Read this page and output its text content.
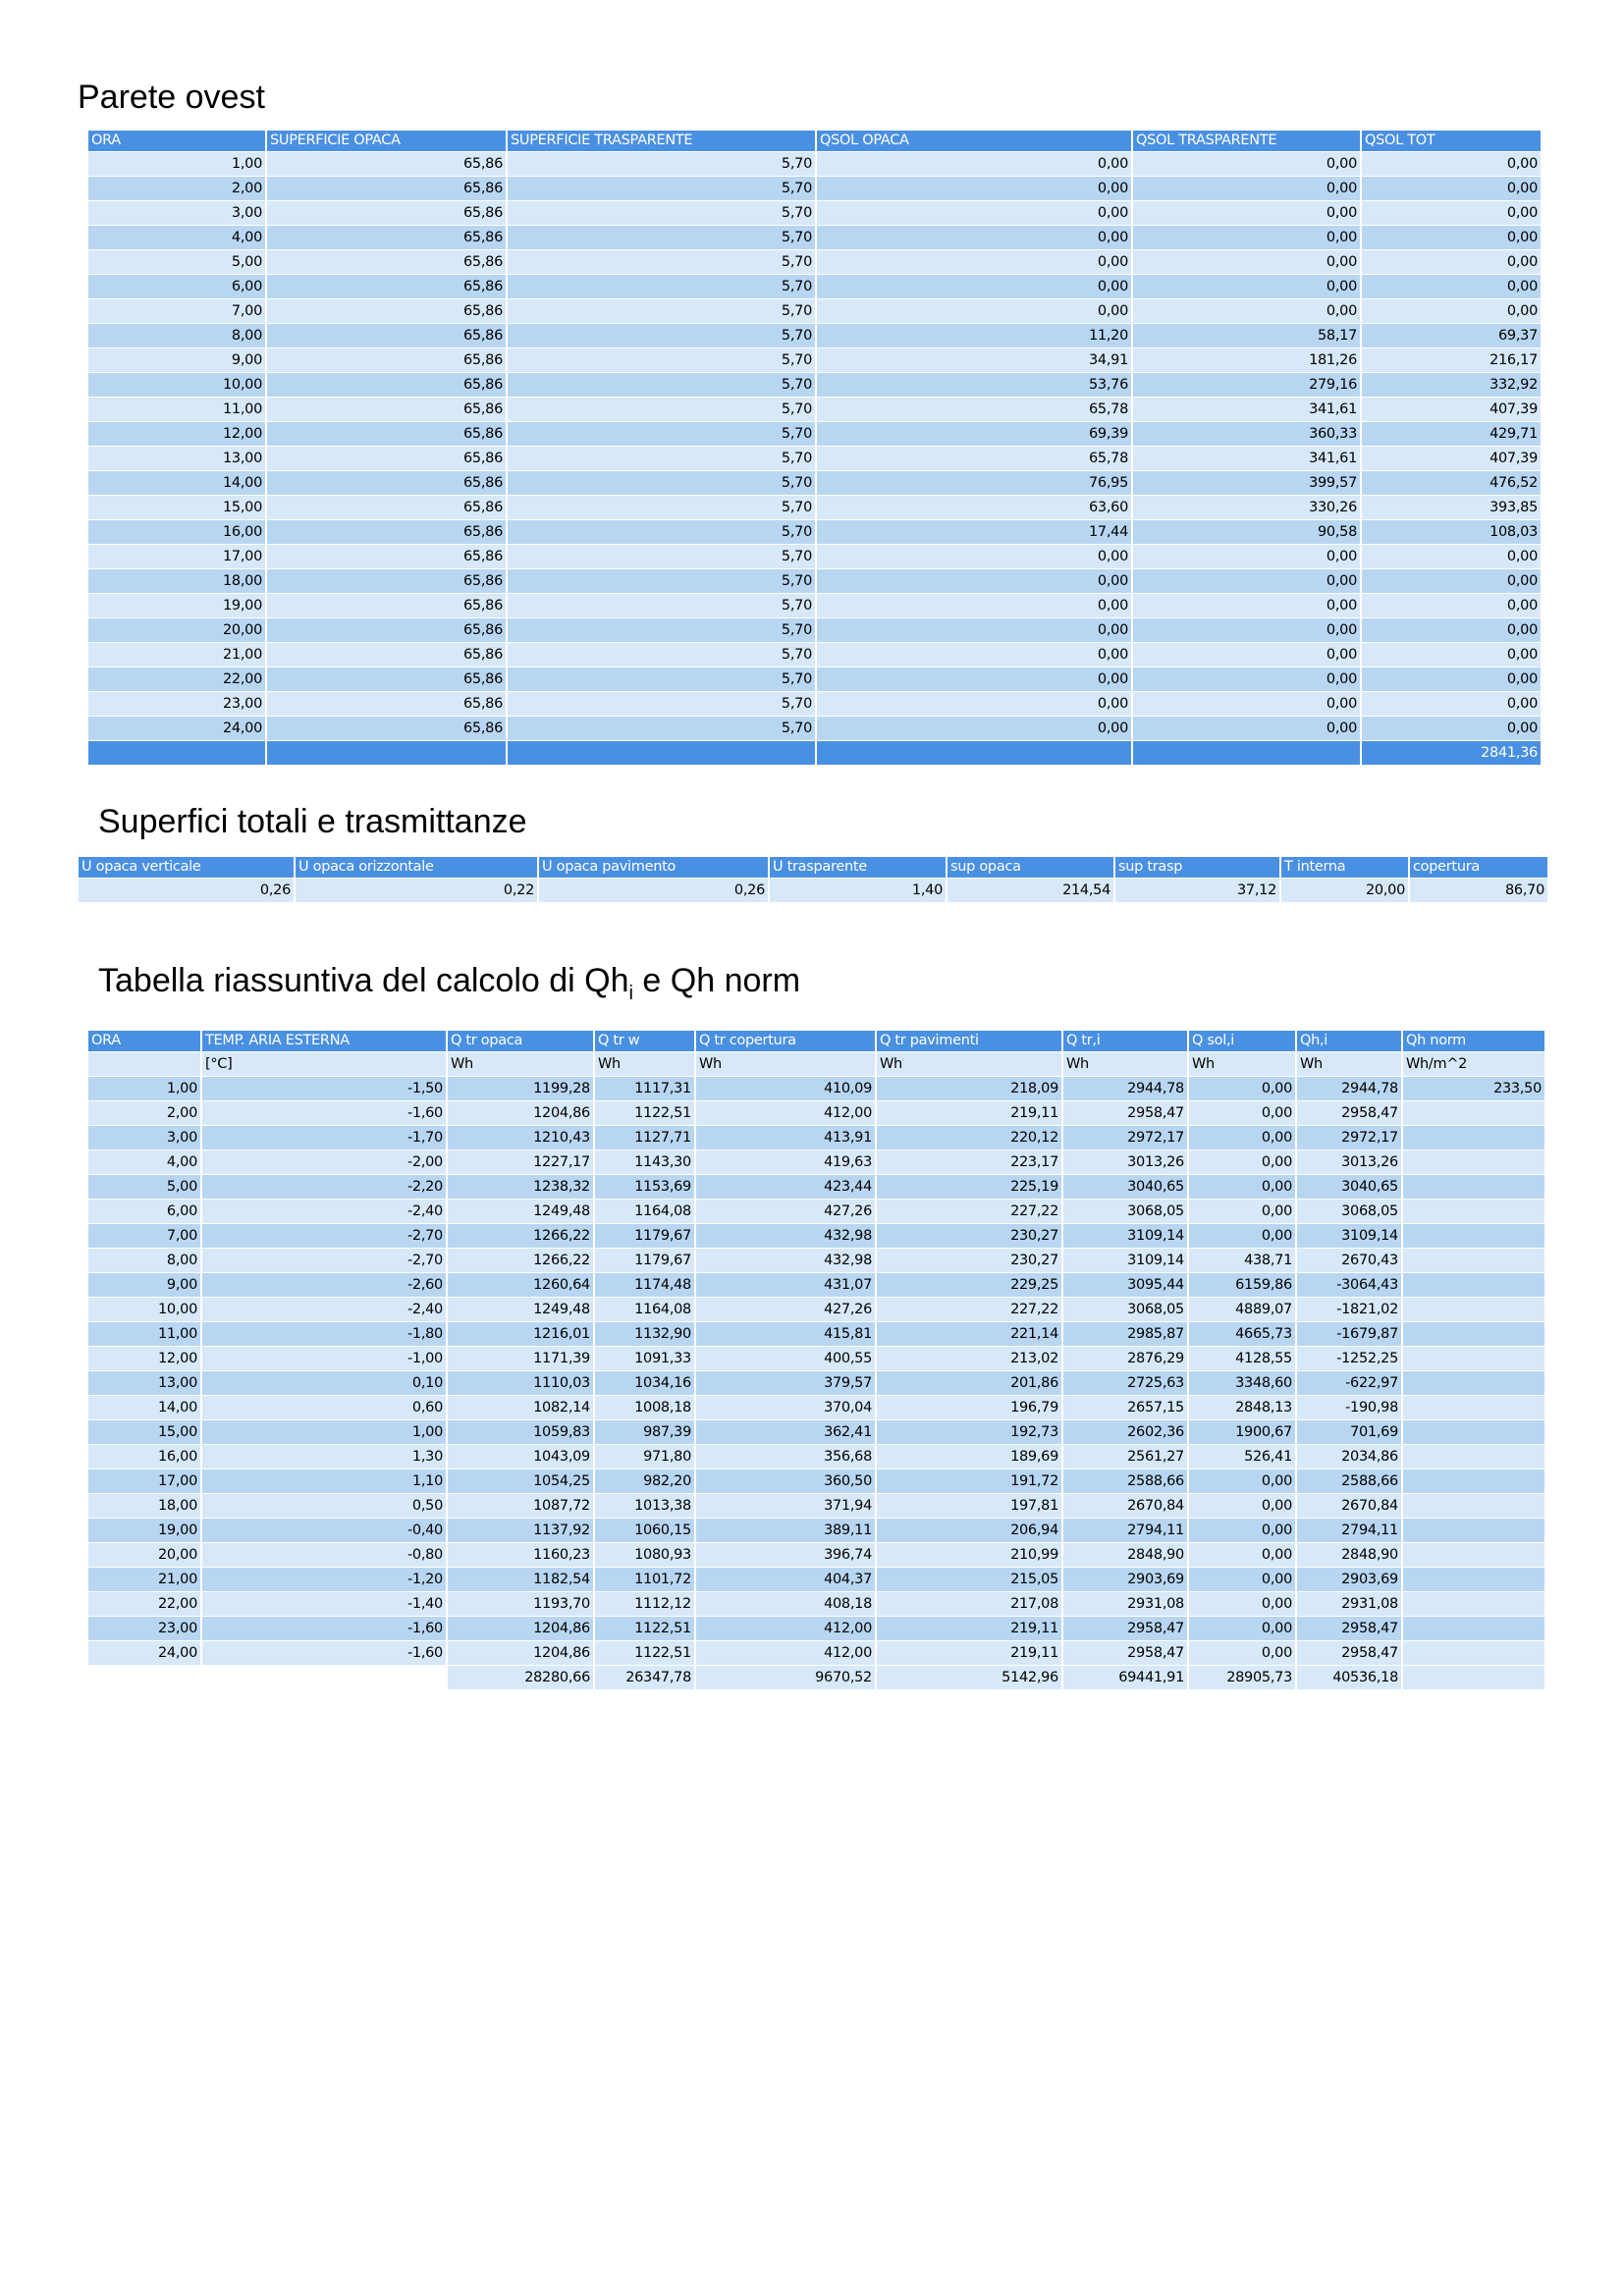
Parete ovest
ORA	SUPERFICIE OPACA	SUPERFICIE TRASPARENTE	QSOL OPACA	QSOL TRASPARENTE	QSOL TOT
1,00	65,86	5,70	0,00	0,00	0,00
2,00	65,86	5,70	0,00	0,00	0,00
3,00	65,86	5,70	0,00	0,00	0,00
4,00	65,86	5,70	0,00	0,00	0,00
5,00	65,86	5,70	0,00	0,00	0,00
6,00	65,86	5,70	0,00	0,00	0,00
7,00	65,86	5,70	0,00	0,00	0,00
8,00	65,86	5,70	11,20	58,17	69,37
9,00	65,86	5,70	34,91	181,26	216,17
10,00	65,86	5,70	53,76	279,16	332,92
11,00	65,86	5,70	65,78	341,61	407,39
12,00	65,86	5,70	69,39	360,33	429,71
13,00	65,86	5,70	65,78	341,61	407,39
14,00	65,86	5,70	76,95	399,57	476,52
15,00	65,86	5,70	63,60	330,26	393,85
16,00	65,86	5,70	17,44	90,58	108,03
17,00	65,86	5,70	0,00	0,00	0,00
18,00	65,86	5,70	0,00	0,00	0,00
19,00	65,86	5,70	0,00	0,00	0,00
20,00	65,86	5,70	0,00	0,00	0,00
21,00	65,86	5,70	0,00	0,00	0,00
22,00	65,86	5,70	0,00	0,00	0,00
23,00	65,86	5,70	0,00	0,00	0,00
24,00	65,86	5,70	0,00	0,00	0,00
					2841,36
Superfici totali e trasmittanze
U opaca verticale	U opaca orizzontale	U opaca pavimento	U trasparente	sup opaca	sup trasp	T interna	copertura
0,26	0,22	0,26	1,40	214,54	37,12	20,00	86,70
Tabella riassuntiva del calcolo di $Qh_i$ e Qh norm
ORA	TEMP. ARIA ESTERNA	Q tr opaca	Q tr w	Q tr copertura	Q tr pavimenti	Q tr,i	Q sol,i	Qh,i	Qh norm
	[°C]	Wh	Wh	Wh	Wh	Wh	Wh	Wh	Wh/m^2
1,00	-1,50	1199,28	1117,31	410,09	218,09	2944,78	0,00	2944,78	233,50
2,00	-1,60	1204,86	1122,51	412,00	219,11	2958,47	0,00	2958,47	
3,00	-1,70	1210,43	1127,71	413,91	220,12	2972,17	0,00	2972,17	
4,00	-2,00	1227,17	1143,30	419,63	223,17	3013,26	0,00	3013,26	
5,00	-2,20	1238,32	1153,69	423,44	225,19	3040,65	0,00	3040,65	
6,00	-2,40	1249,48	1164,08	427,26	227,22	3068,05	0,00	3068,05	
7,00	-2,70	1266,22	1179,67	432,98	230,27	3109,14	0,00	3109,14	
8,00	-2,70	1266,22	1179,67	432,98	230,27	3109,14	438,71	2670,43	
9,00	-2,60	1260,64	1174,48	431,07	229,25	3095,44	6159,86	-3064,43	
10,00	-2,40	1249,48	1164,08	427,26	227,22	3068,05	4889,07	-1821,02	
11,00	-1,80	1216,01	1132,90	415,81	221,14	2985,87	4665,73	-1679,87	
12,00	-1,00	1171,39	1091,33	400,55	213,02	2876,29	4128,55	-1252,25	
13,00	0,10	1110,03	1034,16	379,57	201,86	2725,63	3348,60	-622,97	
14,00	0,60	1082,14	1008,18	370,04	196,79	2657,15	2848,13	-190,98	
15,00	1,00	1059,83	987,39	362,41	192,73	2602,36	1900,67	701,69	
16,00	1,30	1043,09	971,80	356,68	189,69	2561,27	526,41	2034,86	
17,00	1,10	1054,25	982,20	360,50	191,72	2588,66	0,00	2588,66	
18,00	0,50	1087,72	1013,38	371,94	197,81	2670,84	0,00	2670,84	
19,00	-0,40	1137,92	1060,15	389,11	206,94	2794,11	0,00	2794,11	
20,00	-0,80	1160,23	1080,93	396,74	210,99	2848,90	0,00	2848,90	
21,00	-1,20	1182,54	1101,72	404,37	215,05	2903,69	0,00	2903,69	
22,00	-1,40	1193,70	1112,12	408,18	217,08	2931,08	0,00	2931,08	
23,00	-1,60	1204,86	1122,51	412,00	219,11	2958,47	0,00	2958,47	
24,00	-1,60	1204,86	1122,51	412,00	219,11	2958,47	0,00	2958,47	
		28280,66	26347,78	9670,52	5142,96	69441,91	28905,73	40536,18	
